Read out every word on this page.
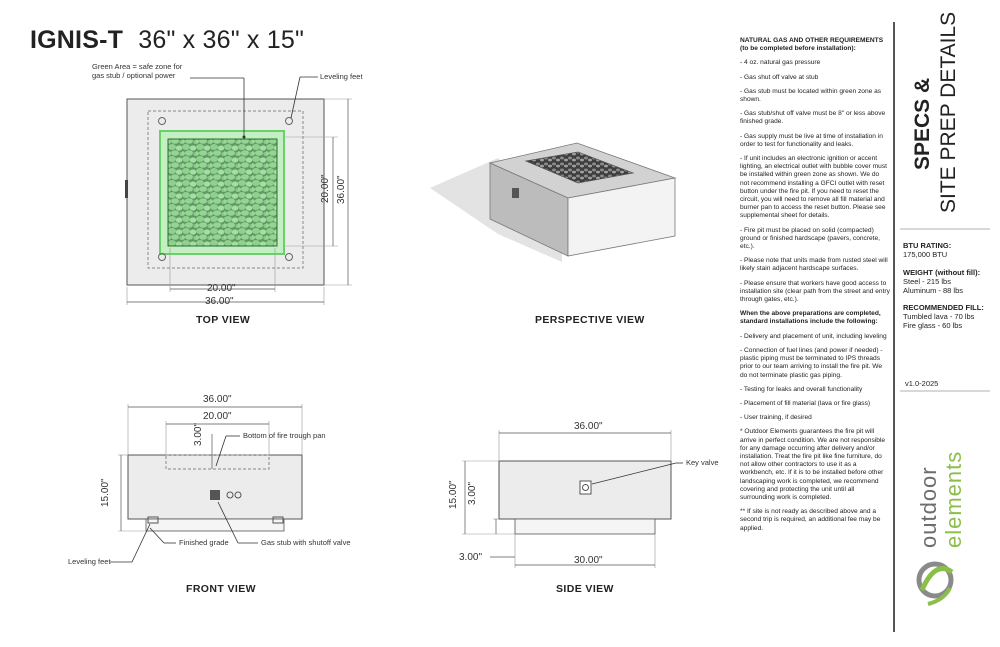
IGNIS-T 36" x 36" x 15"
Green Area = safe zone for
gas stub / optional power	Leveling feet
20.00"
36.00"
20.00" 36.00"
TOP VIEW	PERSPECTIVE VIEW
36.00"
20.00"
3.00"
15.00"
Bottom of fire trough pan
Finished grade	Gas stub with shutoff valve
Leveling feet
FRONT VIEW
36.00"
15.00" 3.00"
3.00"	30.00"
Key valve
SIDE VIEW

NATURAL GAS AND OTHER REQUIREMENTS (to be completed before installation):

- 4 oz. natural gas pressure

- Gas shut off valve at stub

- Gas stub must be located within green zone as shown.

- Gas stub/shut off valve must be 8" or less above finished grade.

- Gas supply must be live at time of installation in order to test for functionality and leaks.

- If unit includes an electronic ignition or accent lighting, an electrical outlet with bubble cover must be installed within green zone as shown. We do not recommend installing a GFCI outlet with reset button under the fire pit. If you need to reset the circuit, you will need to remove all fill material and burner pan to access the reset button. Please see supplemental sheet for details.

- Fire pit must be placed on solid (compacted) ground or finished hardscape (pavers, concrete, etc.).

- Please note that units made from rusted steel will likely stain adjacent hardscape surfaces.

- Please ensure that workers have good access to installation site (clear path from the street and entry through gates, etc.).

When the above preparations are completed, standard installations include the following:

- Delivery and placement of unit, including leveling

- Connection of fuel lines (and power if needed) - plastic piping must be terminated to IPS threads prior to our team arriving to install the fire pit. We do not terminate plastic gas piping.

- Testing for leaks and overall functionality

- Placement of fill material (lava or fire glass)

- User training, if desired

* Outdoor Elements guarantees the fire pit will arrive in perfect condition. We are not responsible for any damage occurring after delivery and/or installation. Treat the fire pit like fine furniture, do not allow other contractors to use it as a workbench, etc. If it is to be installed before other landscaping work is completed, we recommend covering and protecting the unit until all surrounding work is completed.

** If site is not ready as described above and a second trip is required, an additional fee may be applied.

SPECS & SITE PREP DETAILS
BTU RATING:
175,000 BTU
WEIGHT (without fill):
Steel - 215 lbs
Aluminum - 88 lbs
RECOMMENDED FILL:
Tumbled lava - 70 lbs
Fire glass - 60 lbs
v1.0-2025
outdoor elements
